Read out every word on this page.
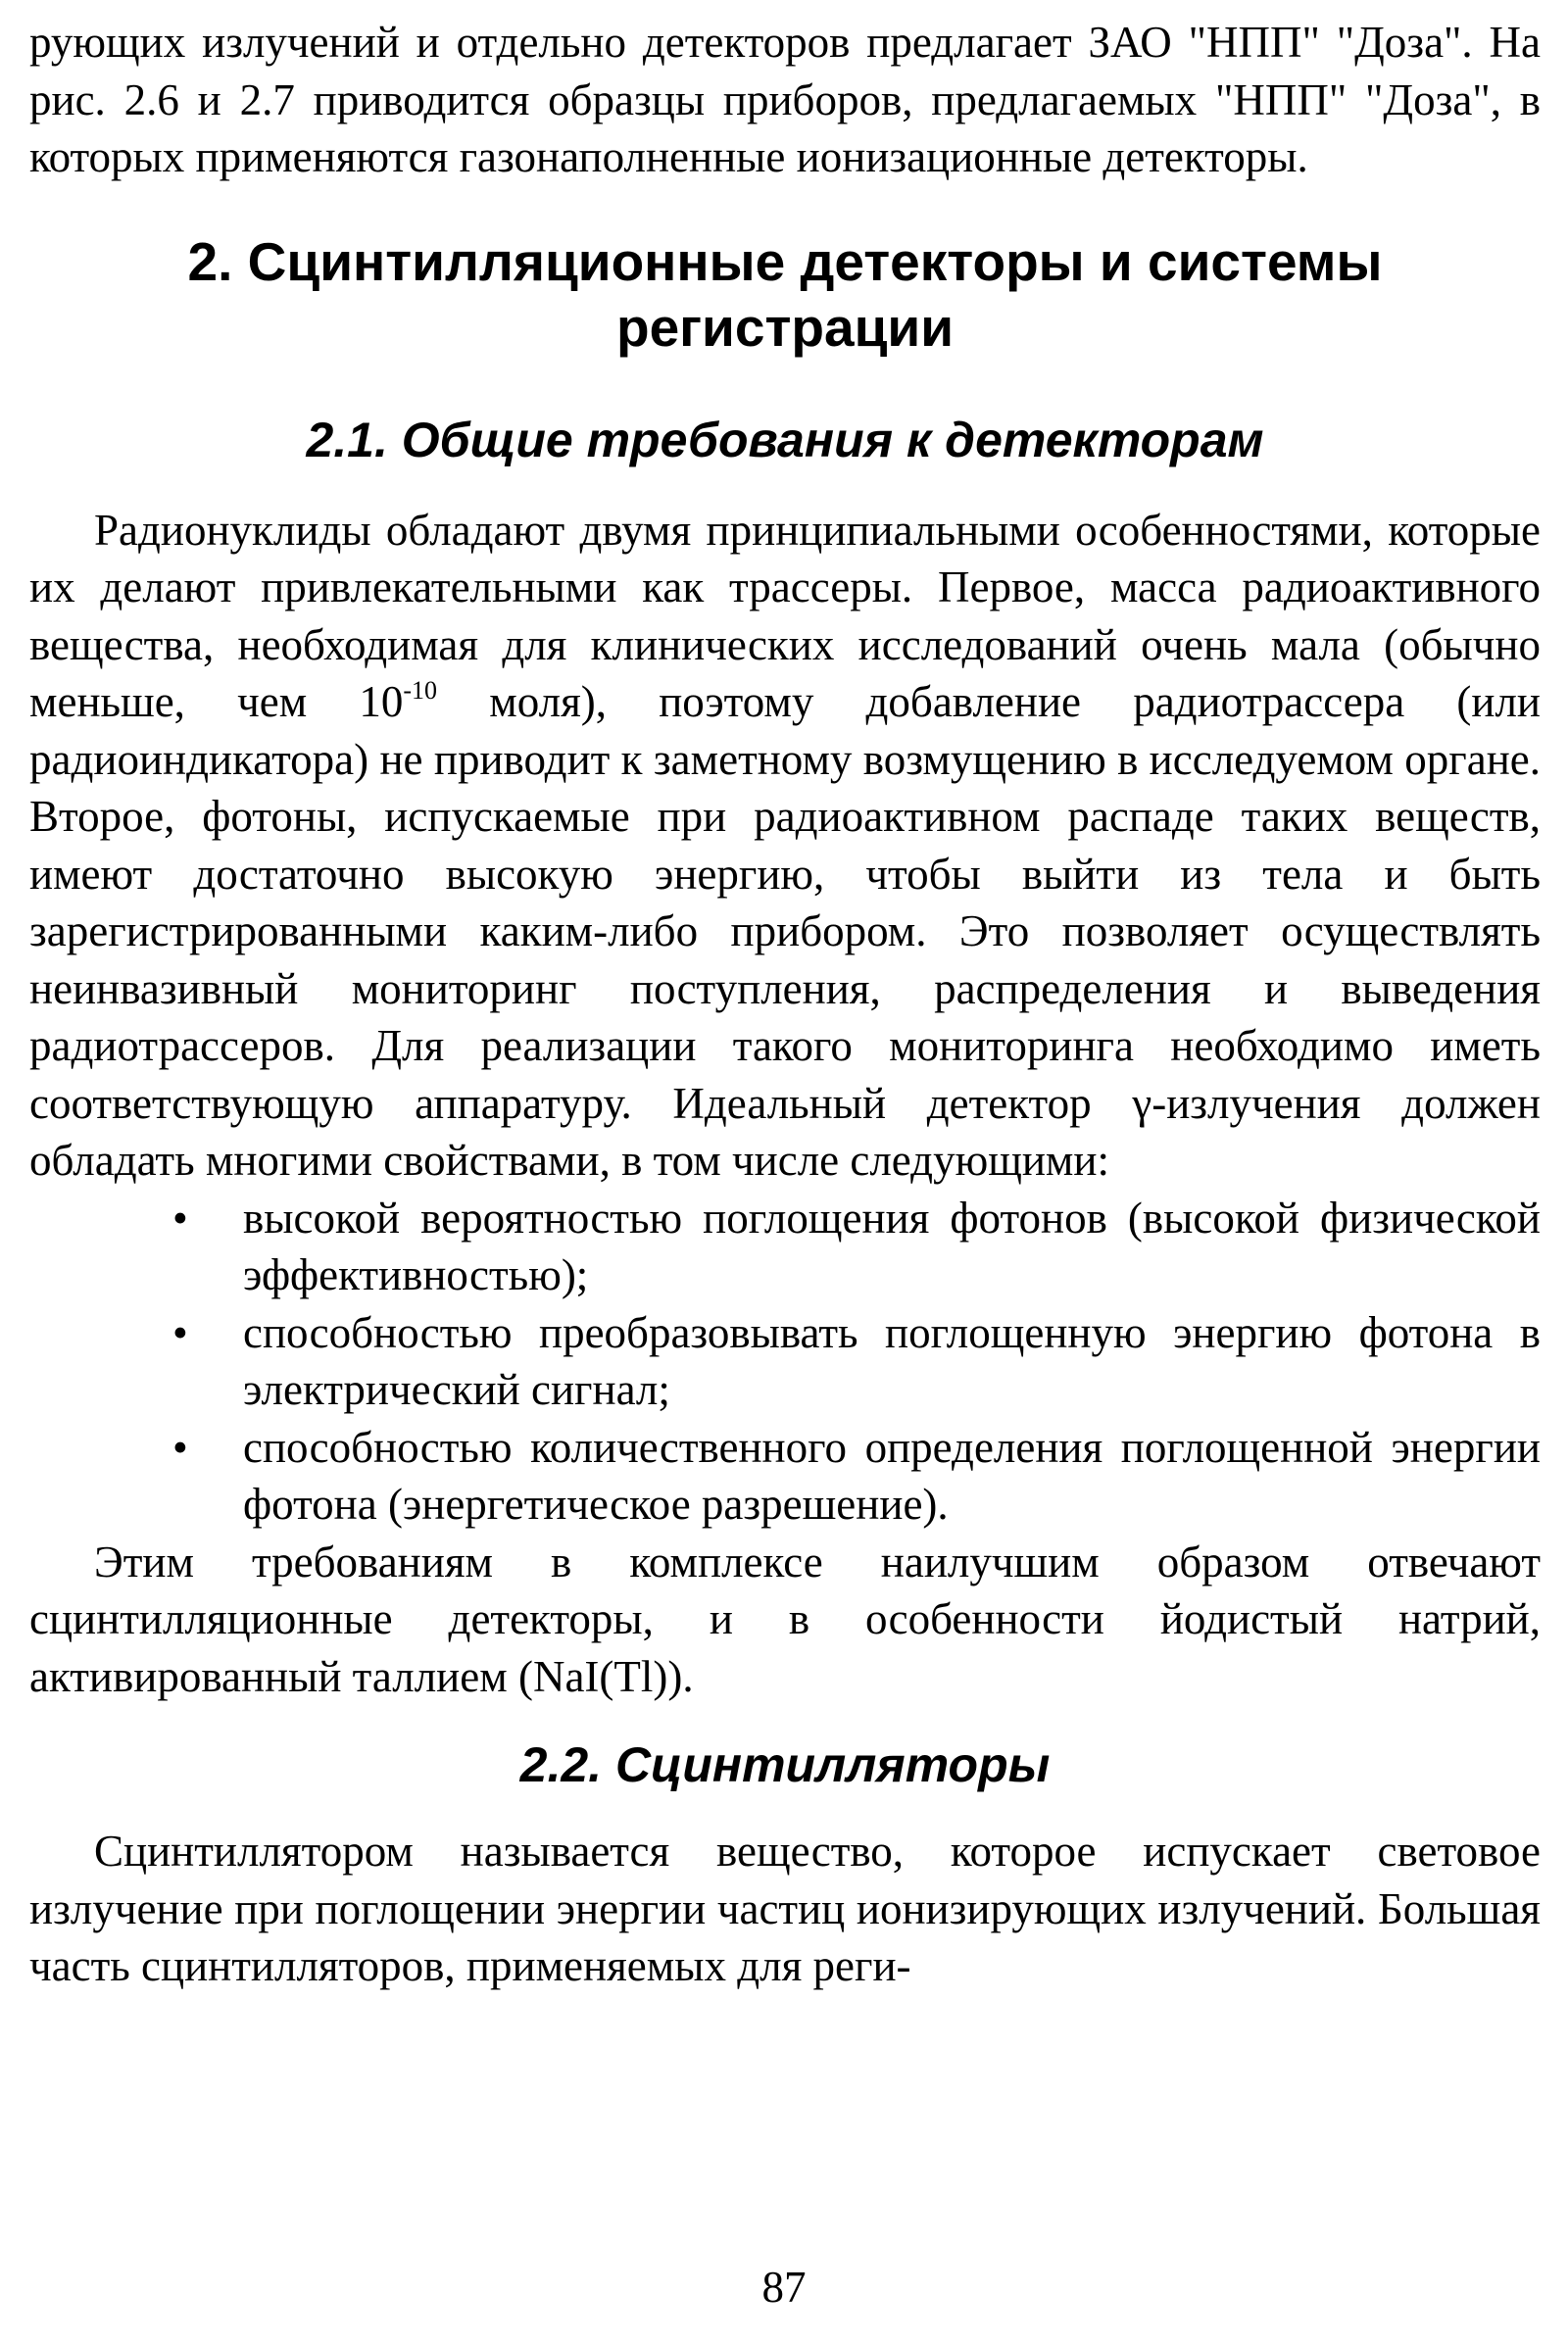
рующих излучений и отдельно детекторов предлагает ЗАО "НПП" "Доза". На рис. 2.6 и 2.7 приводится образцы приборов, предлагаемых "НПП" "Доза", в которых применяются газонаполненные ионизационные детекторы.

2. Сцинтилляционные детекторы и системы регистрации
2.1. Общие требования к детекторам

Радионуклиды обладают двумя принципиальными особенностями, которые их делают привлекательными как трассеры. Первое, масса радиоактивного вещества, необходимая для клинических исследований очень мала (обычно меньше, чем $10^{-10}$ моля), поэтому добавление радиотрассера (или радиоиндикатора) не приводит к заметному возмущению в исследуемом органе. Второе, фотоны, испускаемые при радиоактивном распаде таких веществ, имеют достаточно высокую энергию, чтобы выйти из тела и быть зарегистрированными каким-либо прибором. Это позволяет осуществлять неинвазивный мониторинг поступления, распределения и выведения радиотрассеров. Для реализации такого мониторинга необходимо иметь соответствующую аппаратуру. Идеальный детектор γ-излучения должен обладать многими свойствами, в том числе следующими:

• высокой вероятностью поглощения фотонов (высокой физической эффективностью);
• способностью преобразовывать поглощенную энергию фотона в электрический сигнал;
• способностью количественного определения поглощенной энергии фотона (энергетическое разрешение).

Этим требованиям в комплексе наилучшим образом отвечают сцинтилляционные детекторы, и в особенности йодистый натрий, активированный таллием (NaI(Tl)).

2.2. Сцинтилляторы

Сцинтиллятором называется вещество, которое испускает световое излучение при поглощении энергии частиц ионизирующих излучений. Большая часть сцинтилляторов, применяемых для реги-

87
